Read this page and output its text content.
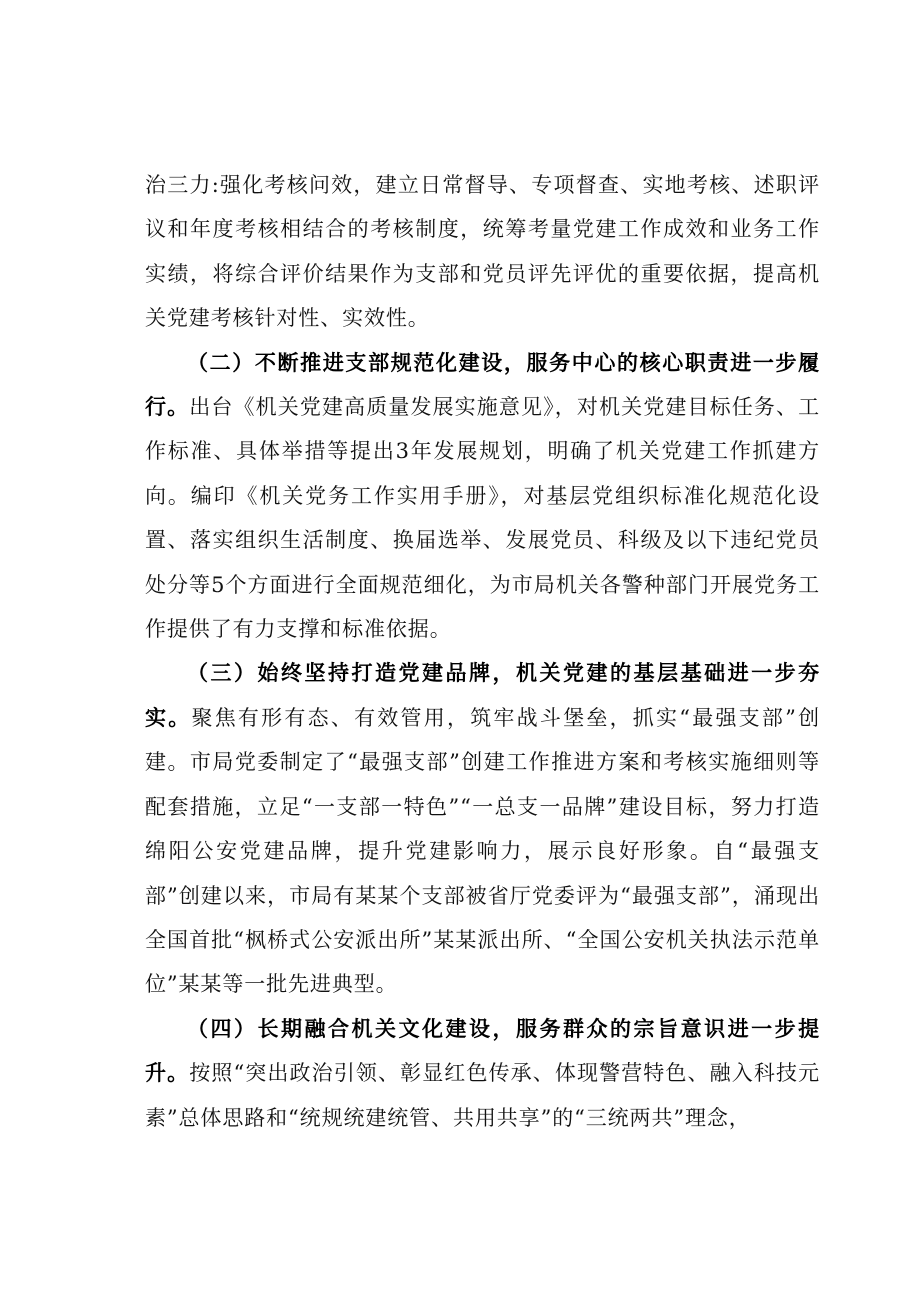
治三力:强化考核问效，建立日常督导、专项督查、实地考核、述职评议和年度考核相结合的考核制度，统筹考量党建工作成效和业务工作实绩，将综合评价结果作为支部和党员评先评优的重要依据，提高机关党建考核针对性、实效性。

（二）不断推进支部规范化建设，服务中心的核心职责进一步履行。出台《机关党建高质量发展实施意见》，对机关党建目标任务、工作标准、具体举措等提出3年发展规划，明确了机关党建工作抓建方向。编印《机关党务工作实用手册》，对基层党组织标准化规范化设置、落实组织生活制度、换届选举、发展党员、科级及以下违纪党员处分等5个方面进行全面规范细化，为市局机关各警种部门开展党务工作提供了有力支撑和标准依据。

（三）始终坚持打造党建品牌，机关党建的基层基础进一步夯实。聚焦有形有态、有效管用，筑牢战斗堡垒，抓实“最强支部”创建。市局党委制定了“最强支部”创建工作推进方案和考核实施细则等配套措施，立足“一支部一特色”“一总支一品牌”建设目标，努力打造绵阳公安党建品牌，提升党建影响力，展示良好形象。自“最强支部”创建以来，市局有某某个支部被省厅党委评为“最强支部”，涌现出全国首批“枫桥式公安派出所”某某派出所、“全国公安机关执法示范单位”某某等一批先进典型。

（四）长期融合机关文化建设，服务群众的宗旨意识进一步提升。按照“突出政治引领、彰显红色传承、体现警营特色、融入科技元素”总体思路和“统规统建统管、共用共享”的“三统两共”理念，
